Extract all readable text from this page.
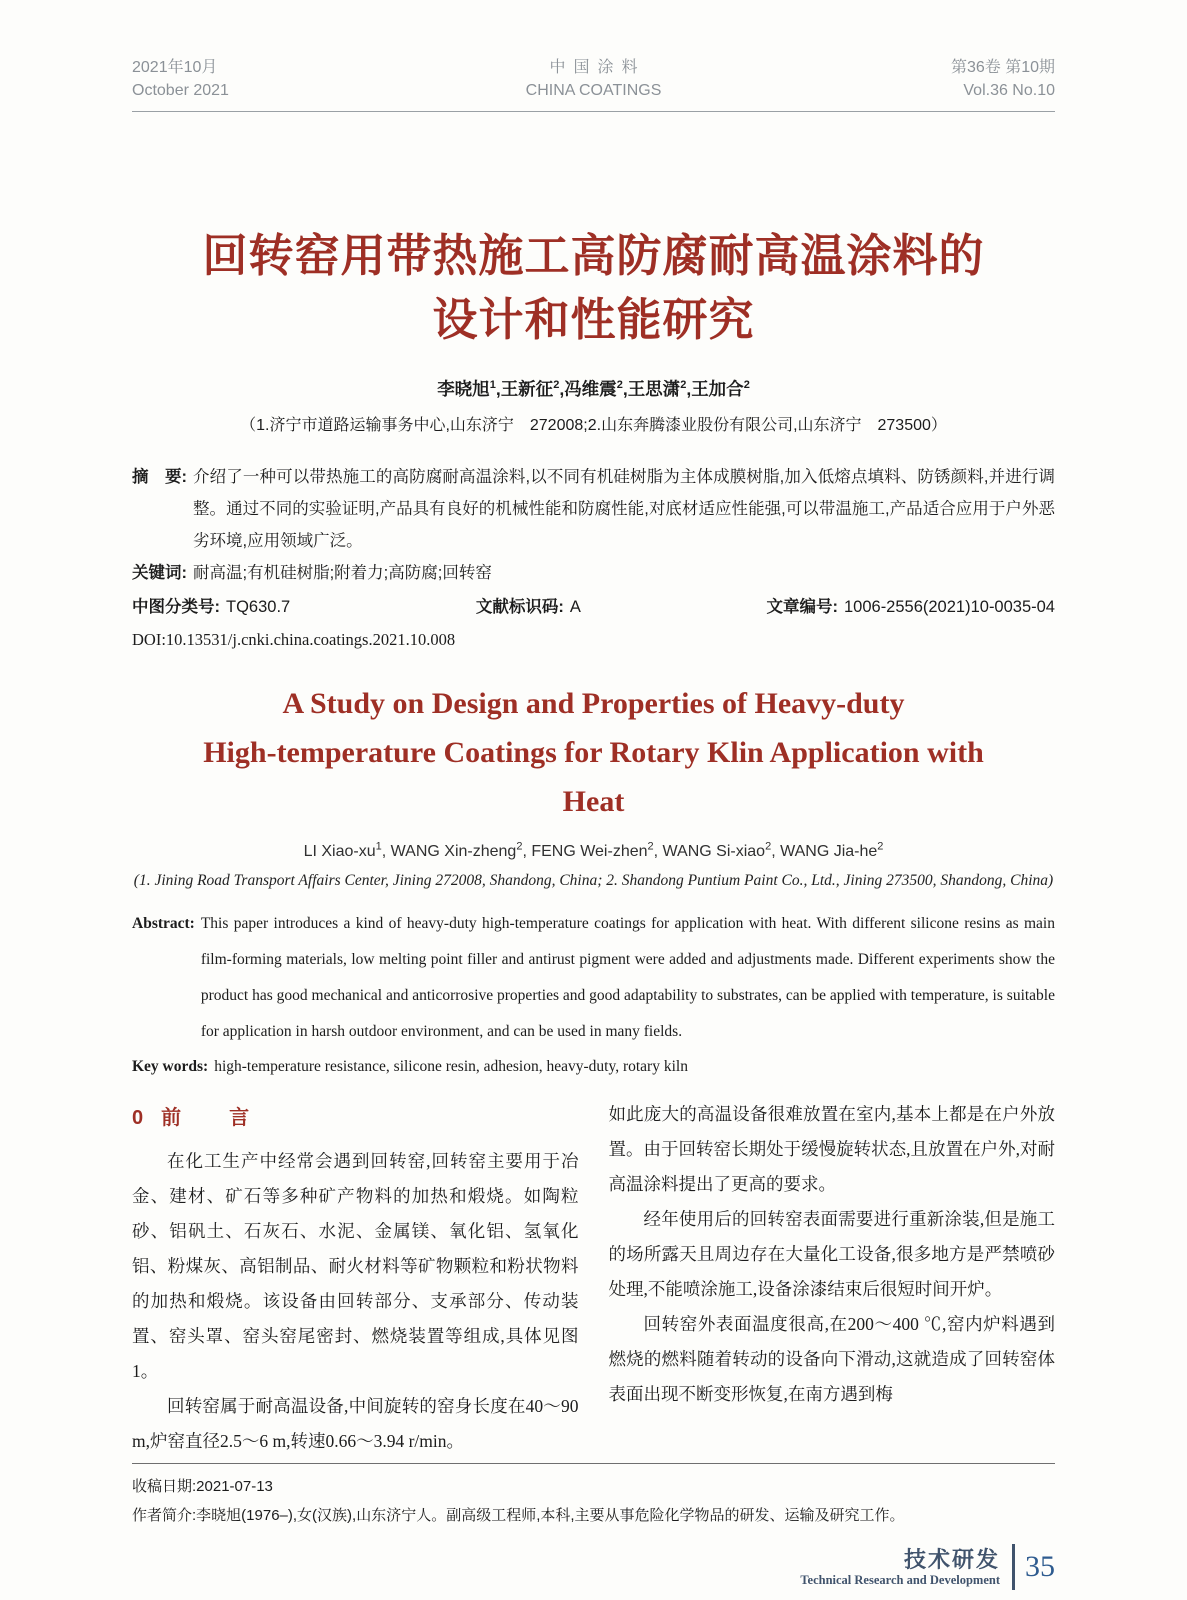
2021年10月
October 2021
中国涂料
CHINA COATINGS
第36卷 第10期
Vol.36 No.10
回转窑用带热施工高防腐耐高温涂料的
设计和性能研究
李晓旭$^1$,王新征$^2$,冯维震$^2$,王思潇$^2$,王加合$^2$
（1.济宁市道路运输事务中心,山东济宁　272008;2.山东奔腾漆业股份有限公司,山东济宁　273500）
摘　要: 介绍了一种可以带热施工的高防腐耐高温涂料,以不同有机硅树脂为主体成膜树脂,加入低熔点填料、防锈颜料,并进行调整。通过不同的实验证明,产品具有良好的机械性能和防腐性能,对底材适应性能强,可以带温施工,产品适合应用于户外恶劣环境,应用领域广泛。
关键词: 耐高温;有机硅树脂;附着力;高防腐;回转窑
中图分类号: TQ630.7	文献标识码: A	文章编号: 1006-2556(2021)10-0035-04
DOI:10.13531/j.cnki.china.coatings.2021.10.008
A Study on Design and Properties of Heavy-duty
High-temperature Coatings for Rotary Klin Application with
Heat
LI Xiao-$xu^1$, WANG Xin-zheng$^2$, FENG Wei-zhen$^2$, WANG Si-xiao$^2$, WANG Jia-$he^2$
(1. Jining Road Transport Affairs Center, Jining 272008, Shandong, China; 2. Shandong Puntium Paint Co., Ltd., Jining 273500, Shandong, China)
Abstract: This paper introduces a kind of heavy-duty high-temperature coatings for application with heat. With different silicone resins as main film-forming materials, low melting point filler and antirust pigment were added and adjustments made. Different experiments show the product has good mechanical and anticorrosive properties and good adaptability to substrates, can be applied with temperature, is suitable for application in harsh outdoor environment, and can be used in many fields.
Key words: high-temperature resistance, silicone resin, adhesion, heavy-duty, rotary kiln
0 前　言

在化工生产中经常会遇到回转窑,回转窑主要用于冶金、建材、矿石等多种矿产物料的加热和煅烧。如陶粒砂、铝矾土、石灰石、水泥、金属镁、氧化铝、氢氧化铝、粉煤灰、高铝制品、耐火材料等矿物颗粒和粉状物料的加热和煅烧。该设备由回转部分、支承部分、传动装置、窑头罩、窑头窑尾密封、燃烧装置等组成,具体见图1。

回转窑属于耐高温设备,中间旋转的窑身长度在40～90 m,炉窑直径2.5～6 m,转速0.66～3.94 r/min。

如此庞大的高温设备很难放置在室内,基本上都是在户外放置。由于回转窑长期处于缓慢旋转状态,且放置在户外,对耐高温涂料提出了更高的要求。

经年使用后的回转窑表面需要进行重新涂装,但是施工的场所露天且周边存在大量化工设备,很多地方是严禁喷砂处理,不能喷涂施工,设备涂漆结束后很短时间开炉。

回转窑外表面温度很高,在200～400 ℃,窑内炉料遇到燃烧的燃料随着转动的设备向下滑动,这就造成了回转窑体表面出现不断变形恢复,在南方遇到梅

收稿日期:2021-07-13
作者简介:李晓旭(1976–),女(汉族),山东济宁人。副高级工程师,本科,主要从事危险化学物品的研发、运输及研究工作。
技术研发
Technical Research and Development 35
